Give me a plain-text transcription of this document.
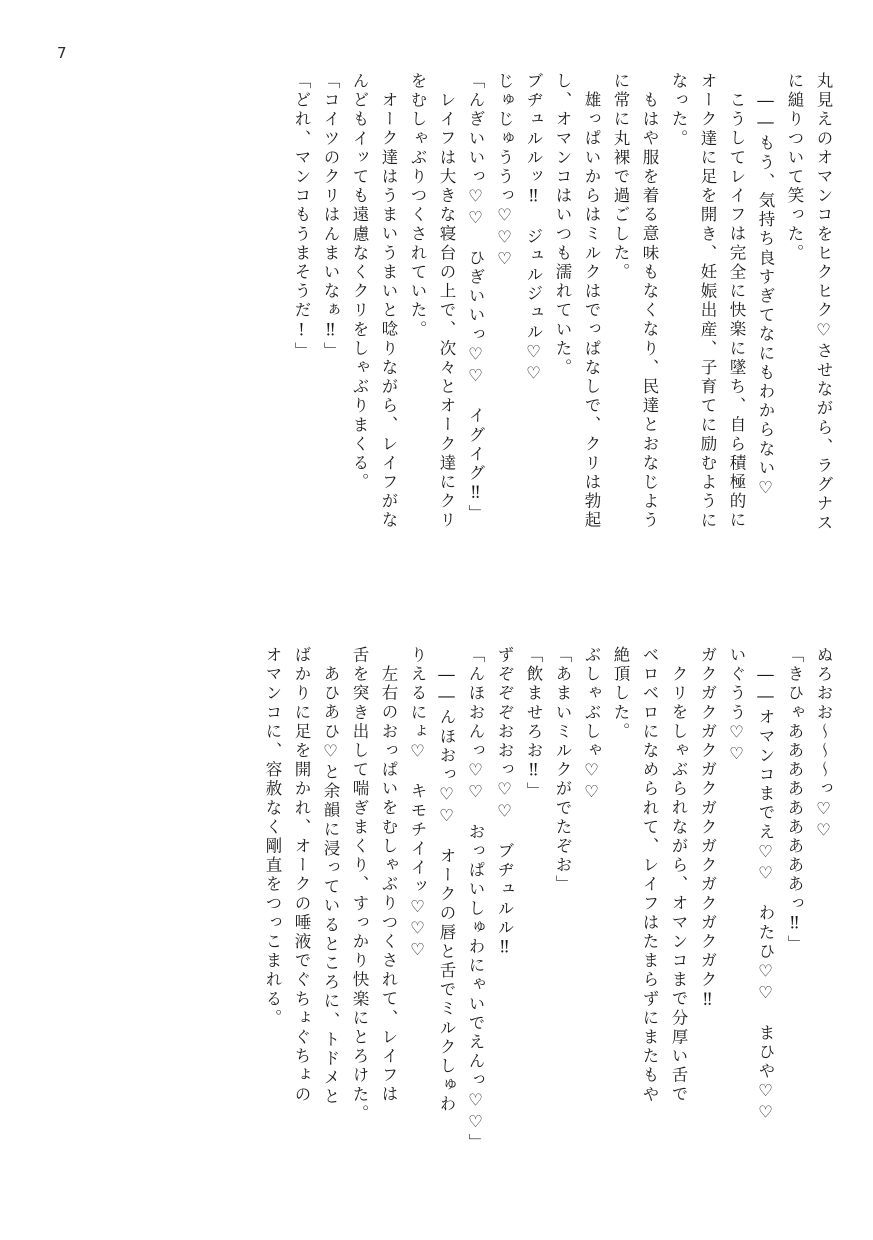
7
丸見えのオマンコをヒクヒク♡させながら、ラグナス
に縋りついて笑った。
――もう、気持ち良すぎてなにもわからない♡
こうしてレイフは完全に快楽に墜ち、自ら積極的に
オーク達に足を開き、妊娠出産、子育てに励むように
なった。
もはや服を着る意味もなくなり、民達とおなじよう
に常に丸裸で過ごした。
雄っぱいからはミルクはでっぱなしで、クリは勃起
し、オマンコはいつも濡れていた。
ブヂュルルッ‼　ジュルジュル♡♡
じゅじゅううっ♡♡♡
「んぎいいっ♡♡　ひぎいいっ♡♡　イグイグ‼」
レイフは大きな寝台の上で、次々とオーク達にクリ
をむしゃぶりつくされていた。
オーク達はうまいうまいと唸りながら、レイフがな
んどもイッても遠慮なくクリをしゃぶりまくる。
「コイツのクリはんまいなぁ‼」
「どれ、マンコもうまそうだ!」
ぬろおお～～～っ♡♡
「きひゃあああああああああっ‼」
――オマンコまでえ♡♡　わたひ♡♡　まひや♡♡
いぐうう♡♡
ガクガクガクガクガクガクガクガクガク‼
クリをしゃぶられながら、オマンコまで分厚い舌で
ベロベロになめられて、レイフはたまらずにまたもや
絶頂した。
ぶしゃぶしゃ♡♡
「あまいミルクがでたぞお」
「飲ませろお‼」
ずぞぞぞおおっ♡♡　ブヂュルル‼
「んほおんっ♡♡　おっぱいしゅわにゃいでえんっ♡♡」
――んほおっ♡♡　オークの唇と舌でミルクしゅわ
りえるにょ♡　キモチイイッ♡♡♡
左右のおっぱいをむしゃぶりつくされて、レイフは
舌を突き出して喘ぎまくり、すっかり快楽にとろけた。
あひあひ♡と余韻に浸っているところに、トドメと
ばかりに足を開かれ、オークの唾液でぐちょぐちょの
オマンコに、容赦なく剛直をつっこまれる。
